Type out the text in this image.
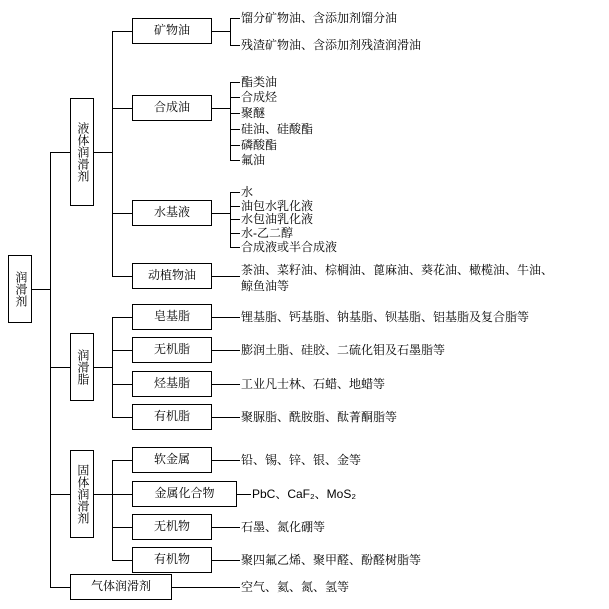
润滑剂
液体润滑剂
润滑脂
固体润滑剂
气体润滑剂
矿物油
馏分矿物油、含添加剂馏分油
残渣矿物油、含添加剂残渣润滑油
合成油
酯类油
合成烃
聚醚
硅油、硅酸酯
磷酸酯
氟油
水基液
水
油包水乳化液
水包油乳化液
水-乙二醇
合成液或半合成液
动植物油	茶油、菜籽油、棕榈油、蓖麻油、葵花油、橄榄油、牛油、
鲸鱼油等
皂基脂	锂基脂、钙基脂、钠基脂、钡基脂、铝基脂及复合脂等
无机脂	膨润土脂、硅胶、二硫化钼及石墨脂等
烃基脂	工业凡士林、石蜡、地蜡等
有机脂	聚脲脂、酰胺脂、酞菁酮脂等
软金属	铅、锡、锌、银、金等
金属化合物	PbC、CaF₂、MoS₂
无机物	石墨、氮化硼等
有机物	聚四氟乙烯、聚甲醛、酚醛树脂等
空气、氦、氮、氢等
